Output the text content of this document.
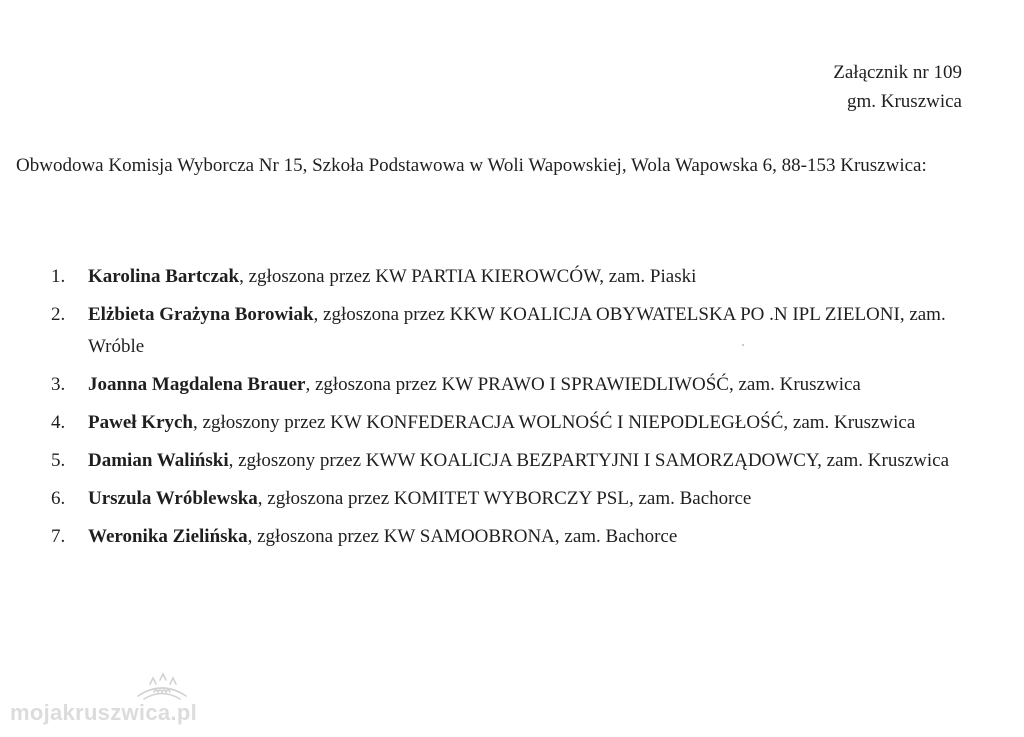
Załącznik nr 109
gm. Kruszwica
Obwodowa Komisja Wyborcza Nr 15, Szkoła Podstawowa w Woli Wapowskiej, Wola Wapowska 6, 88-153 Kruszwica:
1. Karolina Bartczak, zgłoszona przez KW PARTIA KIEROWCÓW, zam. Piaski
2. Elżbieta Grażyna Borowiak, zgłoszona przez KKW KOALICJA OBYWATELSKA PO .N IPL ZIELONI, zam. Wróble
3. Joanna Magdalena Brauer, zgłoszona przez KW PRAWO I SPRAWIEDLIWOŚĆ, zam. Kruszwica
4. Paweł Krych, zgłoszony przez KW KONFEDERACJA WOLNOŚĆ I NIEPODLEGŁOŚĆ, zam. Kruszwica
5. Damian Waliński, zgłoszony przez KWW KOALICJA BEZPARTYJNI I SAMORZĄDOWCY, zam. Kruszwica
6. Urszula Wróblewska, zgłoszona przez KOMITET WYBORCZY PSL, zam. Bachorce
7. Weronika Zielińska, zgłoszona przez KW SAMOOBRONA, zam. Bachorce
mojakruszwica.pl
